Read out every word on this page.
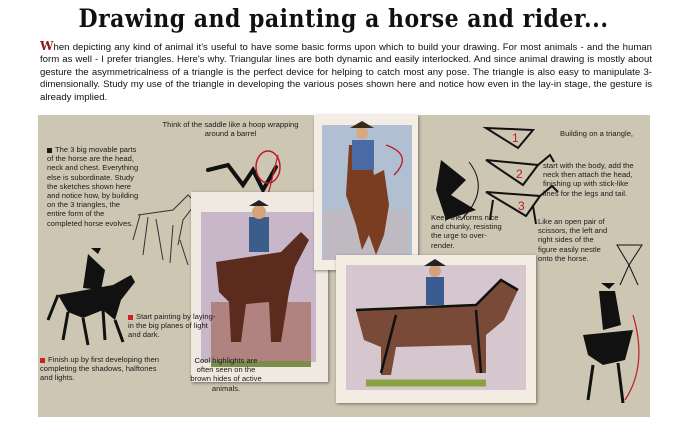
Drawing and painting a horse and rider...
When depicting any kind of animal it's useful to have some basic forms upon which to build your drawing. For most animals - and the human form as well - I prefer triangles. Here's why. Triangular lines are both dynamic and easily interlocked. And since animal drawing is mostly about gesture the asymmetricalness of a triangle is the perfect device for helping to catch most any pose. The triangle is also easy to manipulate 3-dimensionally. Study my use of the triangle in developing the various poses shown here and notice how even in the lay-in stage, the gesture is already implied.
The 3 big movable parts of the horse are the head, neck and chest. Everything else is subordinate. Study the sketches shown here and notice how, by building on the 3 triangles, the entire form of the completed horse evolves.
Keep the forms nice and chunky, resisting the urge to over-render.
1
2
3
Building on a triangle,
start with the body, add the neck then attach the head, finishing up with stick-like lines for the legs and tail.
Like an open pair of scissors, the left and right sides of the figure easily nestle onto the horse.
Start painting by laying-in the big planes of light and dark.
Finish up by first developing then completing the shadows, halftones and lights.
Cool highlights are often seen on the brown hides of active animals.
Think of the saddle like a hoop wrapping around a barrel
